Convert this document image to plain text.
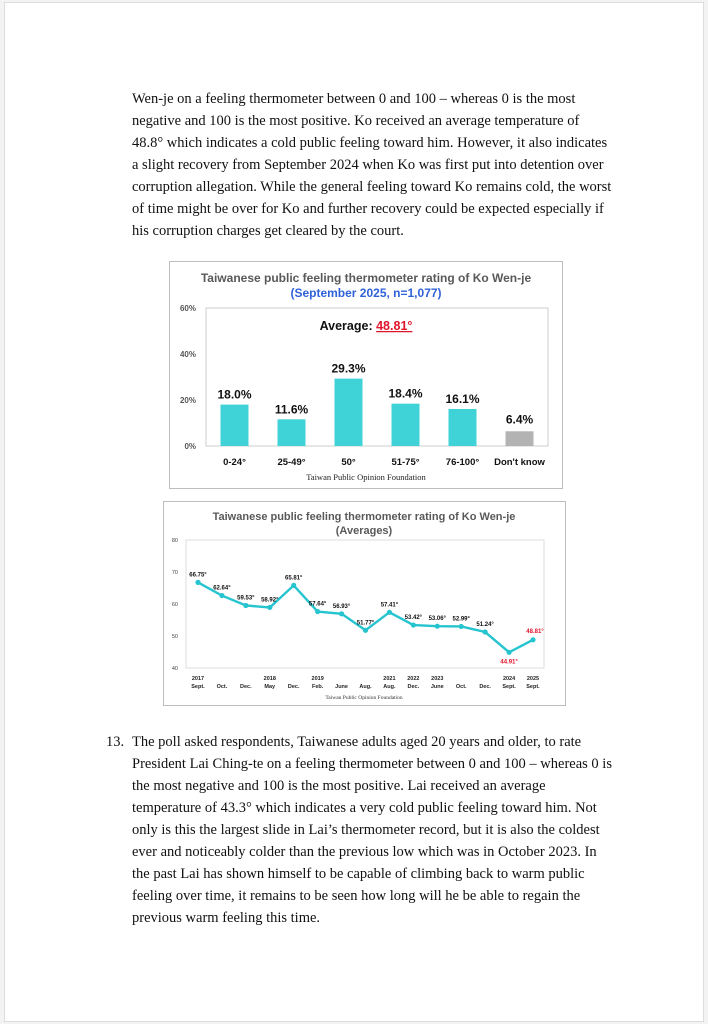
Wen-je on a feeling thermometer between 0 and 100 – whereas 0 is the most
negative and 100 is the most positive. Ko received an average temperature of
48.8° which indicates a cold public feeling toward him. However, it also indicates
a slight recovery from September 2024 when Ko was first put into detention over
corruption allegation. While the general feeling toward Ko remains cold, the worst
of time might be over for Ko and further recovery could be expected especially if
his corruption charges get cleared by the court.
Taiwanese public feeling thermometer rating of Ko Wen-je
(September 2025, n=1,077)
Average: 48.81°
0%
20%
40%
60%
18.0%
11.6%
29.3%
18.4% 16.1%
6.4%
0-24°	25-49°	50°	51-75°	76-100° Don't know
Taiwan Public Opinion Foundation
Taiwanese public feeling thermometer rating of Ko Wen-je
(Averages)
40
50
60
70
80
66.75°
62.64°
59.53° 58.92°
65.81°
57.64° 56.93°
51.77°
57.41°
53.42° 53.06° 52.99°
51.24°
44.91°
48.81°
2017
Sept. Oct. Dec.
2018
May Dec.
2019
Feb. June Aug.
2021
Aug.
2022
Dec.
2023
June Oct. Dec.
2024
Sept.
2025
Sept.
Taiwan Public Opinion Foundation
13. The poll asked respondents, Taiwanese adults aged 20 years and older, to rate
President Lai Ching-te on a feeling thermometer between 0 and 100 – whereas 0 is
the most negative and 100 is the most positive. Lai received an average
temperature of 43.3° which indicates a very cold public feeling toward him. Not
only is this the largest slide in Lai’s thermometer record, but it is also the coldest
ever and noticeably colder than the previous low which was in October 2023. In
the past Lai has shown himself to be capable of climbing back to warm public
feeling over time, it remains to be seen how long will he be able to regain the
previous warm feeling this time.
